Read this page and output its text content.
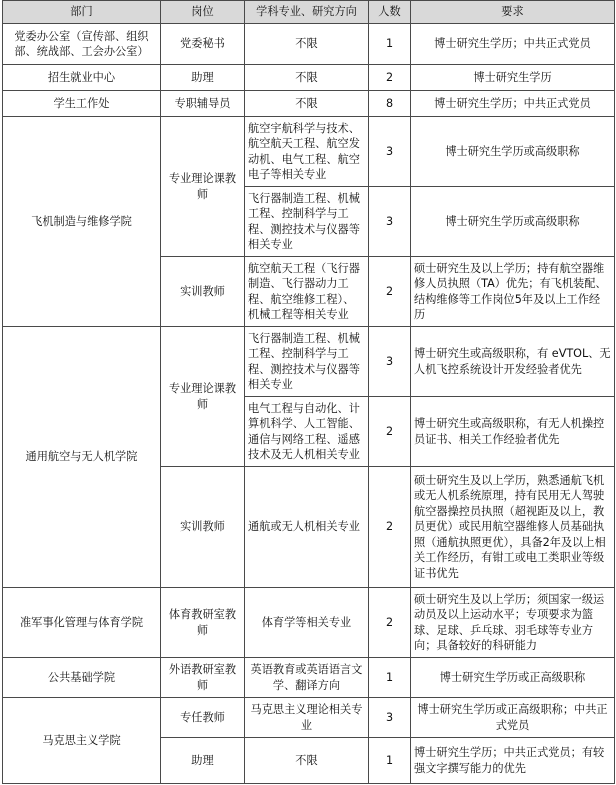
部门	岗位	学科专业、研究方向	人数	要求
党委办公室（宣传部、组织部、统战部、工会办公室）	党委秘书	不限	1	博士研究生学历；中共正式党员
招生就业中心	助理	不限	2	博士研究生学历
学生工作处	专职辅导员	不限	8	博士研究生学历；中共正式党员
飞机制造与维修学院	专业理论课教师	航空宇航科学与技术、航空航天工程、航空发动机、电气工程、航空电子等相关专业	3	博士研究生学历或高级职称
		飞行器制造工程、机械工程、控制科学与工程、测控技术与仪器等相关专业	3	博士研究生学历或高级职称
	实训教师	航空航天工程（飞行器制造、飞行器动力工程、航空维修工程）、机械工程等相关专业	2	硕士研究生及以上学历；持有航空器维修人员执照（TA）优先；有飞机装配、结构维修等工作岗位5年及以上工作经历
通用航空与无人机学院	专业理论课教师	飞行器制造工程、机械工程、控制科学与工程、测控技术与仪器等相关专业	3	博士研究生或高级职称，有 eVTOL、无人机飞控系统设计开发经验者优先
		电气工程与自动化、计算机科学、人工智能、通信与网络工程、遥感技术及无人机相关专业	2	博士研究生或高级职称，有无人机操控员证书、相关工作经验者优先
	实训教师	通航或无人机相关专业	2	硕士研究生及以上学历，熟悉通航飞机或无人机系统原理，持有民用无人驾驶航空器操控员执照（超视距及以上，教员更优）或民用航空器维修人员基础执照（通航执照更优），具备2年及以上相关工作经历，有钳工或电工类职业等级证书优先
准军事化管理与体育学院	体育教研室教师	体育学等相关专业	2	硕士研究生及以上学历；须国家一级运动员及以上运动水平；专项要求为篮球、足球、乒乓球、羽毛球等专业方向；具备较好的科研能力
公共基础学院	外语教研室教师	英语教育或英语语言文学、翻译方向	1	博士研究生学历或正高级职称
马克思主义学院	专任教师	马克思主义理论相关专业	3	博士研究生学历或正高级职称；中共正式党员
	助理	不限	1	博士研究生学历；中共正式党员；有较强文字撰写能力的优先
